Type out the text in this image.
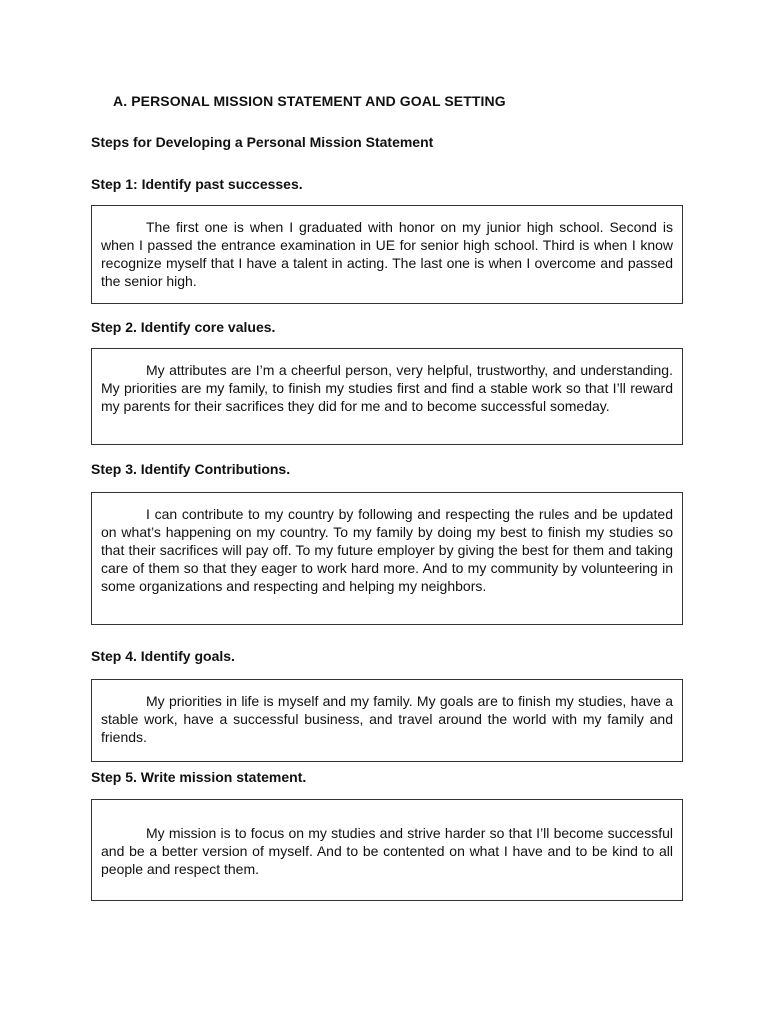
A. PERSONAL MISSION STATEMENT AND GOAL SETTING
Steps for Developing a Personal Mission Statement
Step 1: Identify past successes.

The first one is when I graduated with honor on my junior high school. Second is when I passed the entrance examination in UE for senior high school. Third is when I know recognize myself that I have a talent in acting. The last one is when I overcome and passed the senior high.

Step 2. Identify core values.

My attributes are I’m a cheerful person, very helpful, trustworthy, and understanding. My priorities are my family, to finish my studies first and find a stable work so that I’ll reward my parents for their sacrifices they did for me and to become successful someday.

Step 3. Identify Contributions.

I can contribute to my country by following and respecting the rules and be updated on what’s happening on my country. To my family by doing my best to finish my studies so that their sacrifices will pay off. To my future employer by giving the best for them and taking care of them so that they eager to work hard more. And to my community by volunteering in some organizations and respecting and helping my neighbors.

Step 4. Identify goals.

My priorities in life is myself and my family. My goals are to finish my studies, have a stable work, have a successful business, and travel around the world with my family and friends.

Step 5. Write mission statement.

My mission is to focus on my studies and strive harder so that I’ll become successful and be a better version of myself. And to be contented on what I have and to be kind to all people and respect them.
